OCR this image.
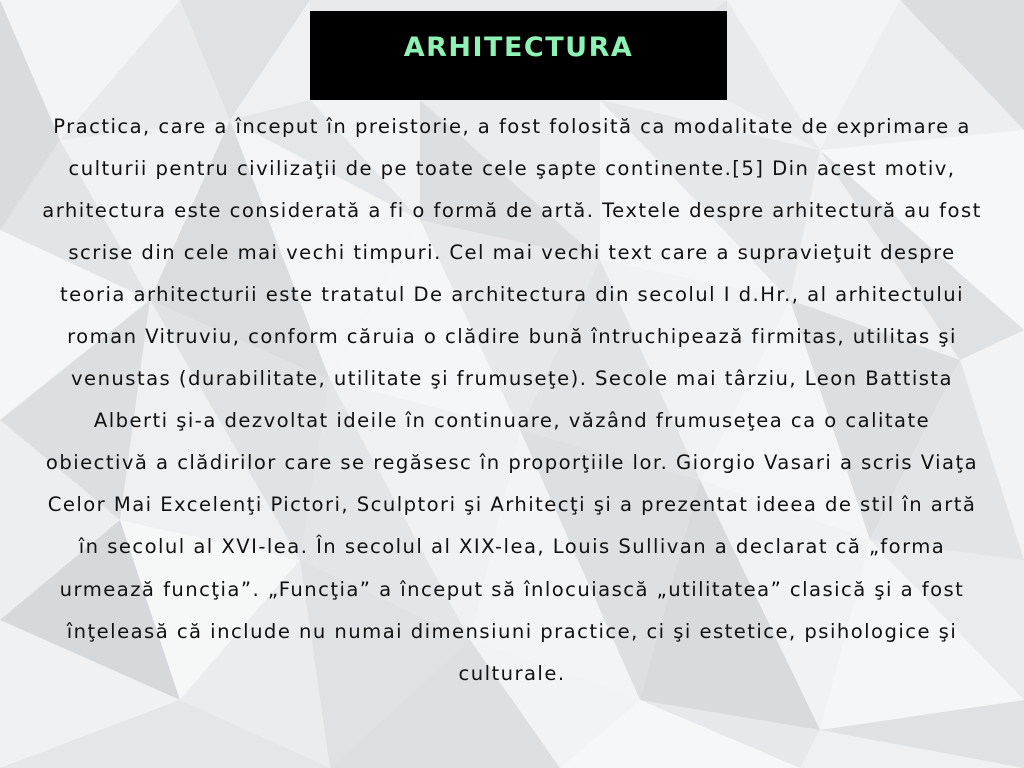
ARHITECTURA

Practica, care a început în preistorie, a fost folosită ca modalitate de exprimare a culturii pentru civilizaţii de pe toate cele şapte continente.[5] Din acest motiv, arhitectura este considerată a fi o formă de artă. Textele despre arhitectură au fost scrise din cele mai vechi timpuri. Cel mai vechi text care a supravieţuit despre teoria arhitecturii este tratatul De architectura din secolul I d.Hr., al arhitectului roman Vitruviu, conform căruia o clădire bună întruchipează firmitas, utilitas şi venustas (durabilitate, utilitate şi frumuseţe). Secole mai târziu, Leon Battista Alberti şi-a dezvoltat ideile în continuare, văzând frumuseţea ca o calitate obiectivă a clădirilor care se regăsesc în proporţiile lor. Giorgio Vasari a scris Viaţa Celor Mai Excelenţi Pictori, Sculptori şi Arhitecţi şi a prezentat ideea de stil în artă în secolul al XVI-lea. În secolul al XIX-lea, Louis Sullivan a declarat că „forma urmează funcţia”. „Funcţia” a început să înlocuiască „utilitatea” clasică şi a fost înţeleasă că include nu numai dimensiuni practice, ci şi estetice, psihologice şi culturale.
